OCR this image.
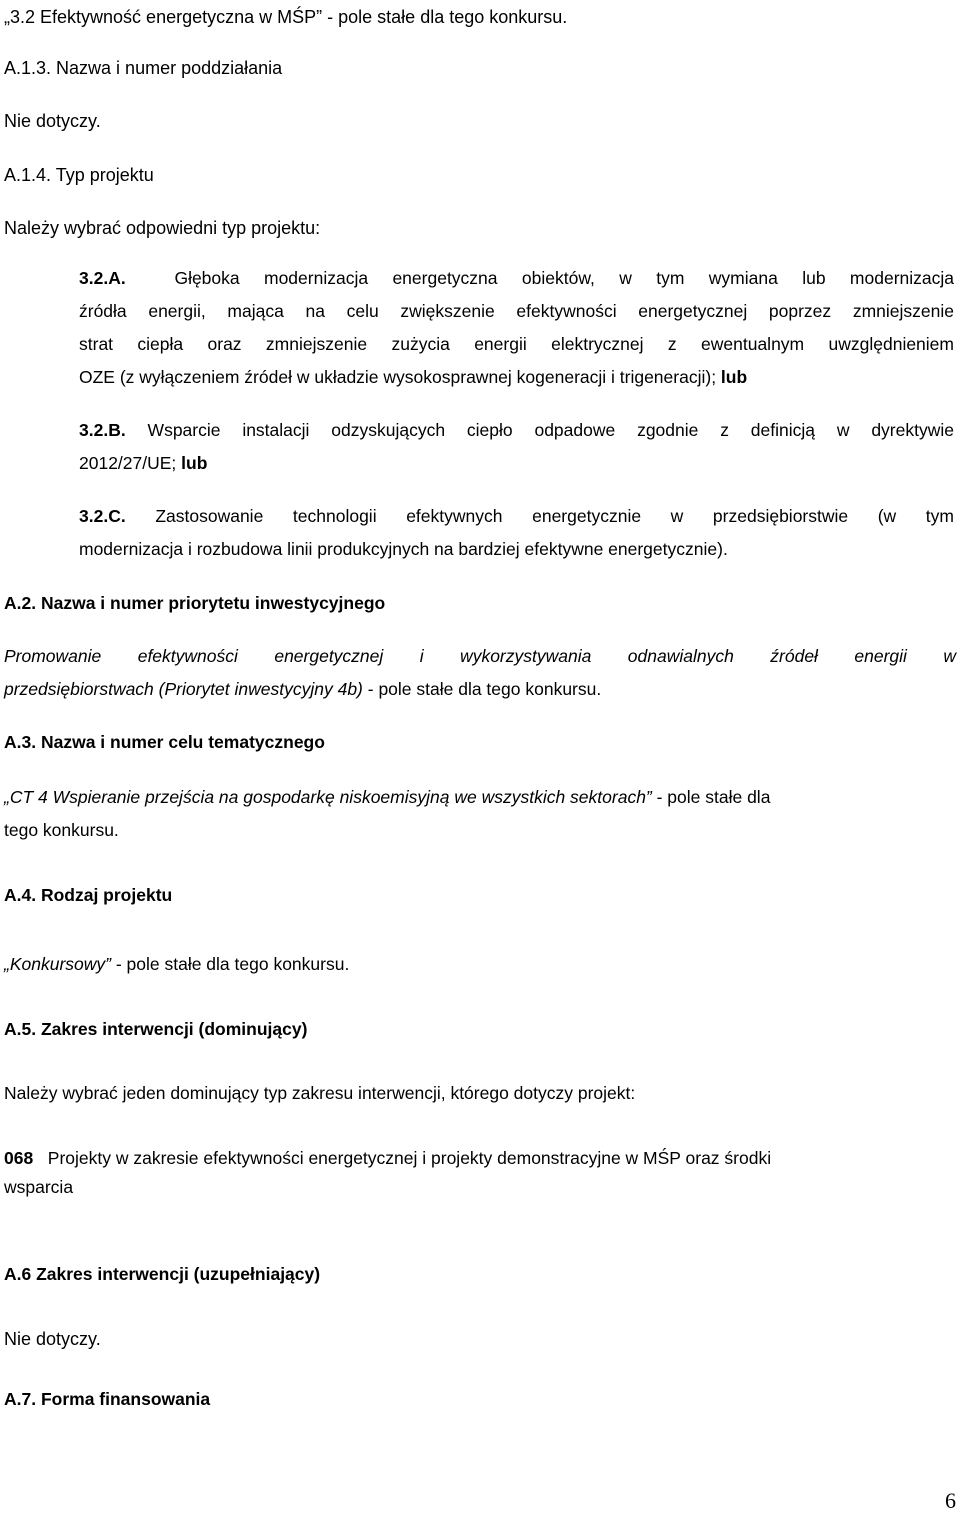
„3.2 Efektywność energetyczna w MŚP” - pole stałe dla tego konkursu.
A.1.3. Nazwa i numer poddziałania
Nie dotyczy.
A.1.4. Typ projektu
Należy wybrać odpowiedni typ projektu:
3.2.A.	Głęboka modernizacja energetyczna obiektów, w tym wymiana lub modernizacja
źródła energii, mająca na celu zwiększenie efektywności energetycznej poprzez zmniejszenie
strat ciepła oraz zmniejszenie zużycia energii elektrycznej z ewentualnym uwzględnieniem
OZE (z wyłączeniem źródeł w układzie wysokosprawnej kogeneracji i trigeneracji); lub
3.2.B. Wsparcie instalacji odzyskujących ciepło odpadowe zgodnie z definicją w dyrektywie
2012/27/UE; lub
3.2.C. Zastosowanie technologii efektywnych energetycznie w przedsiębiorstwie (w tym
modernizacja i rozbudowa linii produkcyjnych na bardziej efektywne energetycznie).
A.2. Nazwa i numer priorytetu inwestycyjnego
Promowanie efektywności energetycznej i wykorzystywania odnawialnych źródeł energii w
przedsiębiorstwach (Priorytet inwestycyjny 4b) - pole stałe dla tego konkursu.
A.3. Nazwa i numer celu tematycznego
„CT 4 Wspieranie przejścia na gospodarkę niskoemisyjną we wszystkich sektorach” - pole stałe dla
tego konkursu.
A.4. Rodzaj projektu
„Konkursowy” - pole stałe dla tego konkursu.
A.5. Zakres interwencji (dominujący)
Należy wybrać jeden dominujący typ zakresu interwencji, którego dotyczy projekt:
068 Projekty w zakresie efektywności energetycznej i projekty demonstracyjne w MŚP oraz środki
wsparcia
A.6 Zakres interwencji (uzupełniający)
Nie dotyczy.
A.7. Forma finansowania
6
